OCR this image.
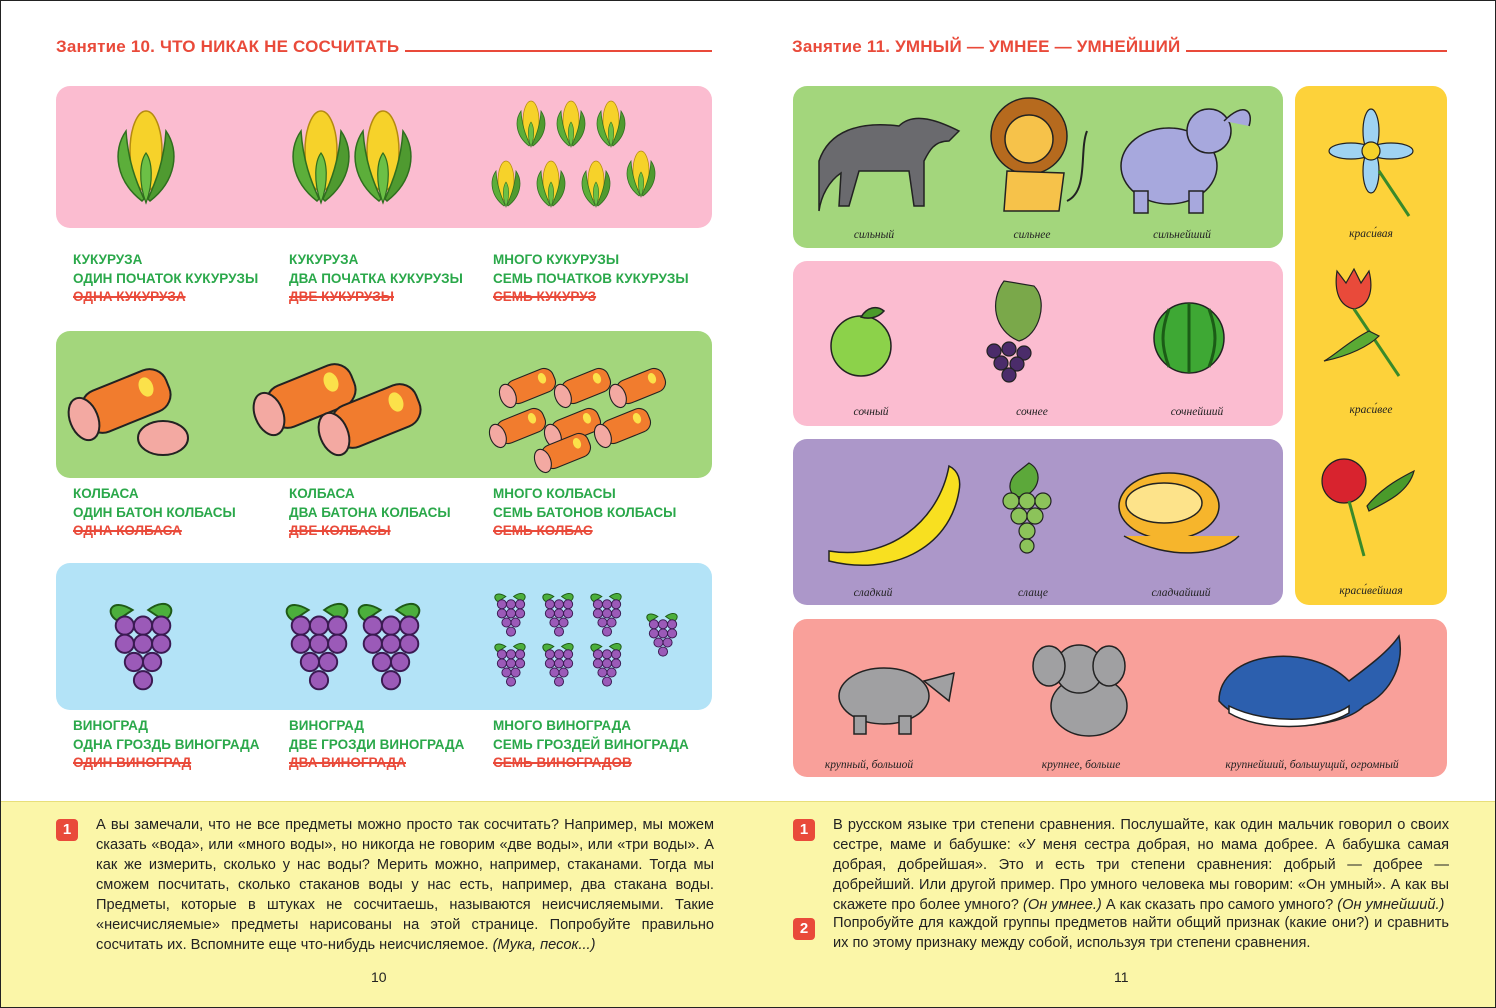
Занятие 10. ЧТО НИКАК НЕ СОСЧИТАТЬ
КУКУРУЗА
ОДИН ПОЧАТОК КУКУРУЗЫ
ОДНА КУКУРУЗА
КУКУРУЗА
ДВА ПОЧАТКА КУКУРУЗЫ
ДВЕ КУКУРУЗЫ
МНОГО КУКУРУЗЫ
СЕМЬ ПОЧАТКОВ КУКУРУЗЫ
СЕМЬ КУКУРУЗ
КОЛБАСА
ОДИН БАТОН КОЛБАСЫ
ОДНА КОЛБАСА
КОЛБАСА
ДВА БАТОНА КОЛБАСЫ
ДВЕ КОЛБАСЫ
МНОГО КОЛБАСЫ
СЕМЬ БАТОНОВ КОЛБАСЫ
СЕМЬ КОЛБАС
ВИНОГРАД
ОДНА ГРОЗДЬ ВИНОГРАДА
ОДИН ВИНОГРАД
ВИНОГРАД
ДВЕ ГРОЗДИ ВИНОГРАДА
ДВА ВИНОГРАДА
МНОГО ВИНОГРАДА
СЕМЬ ГРОЗДЕЙ ВИНОГРАДА
СЕМЬ ВИНОГРАДОВ
1	А вы замечали, что не все предметы можно просто так сосчитать? Например, мы можем сказать «вода», или «много воды», но никогда не говорим «две воды», или «три воды». А как же измерить, сколько у нас воды? Мерить можно, например, стаканами. Тогда мы сможем посчитать, сколько стаканов воды у нас есть, например, два стакана воды. Предметы, которые в штуках не сосчитаешь, называются неисчисляемыми. Такие «неисчисляемые» предметы нарисованы на этой странице. Попробуйте правильно сосчитать их. Вспомните еще что-нибудь неисчисляемое. (Мука, песок...)
10
Занятие 11. УМНЫЙ — УМНЕЕ — УМНЕЙШИЙ
сильный	сильнее	сильнейший
сочный	сочнее	сочнейший
сладкий	слаще	сладчайший
крупный, большой	крупнее, больше	крупнейший, большущий, огромный
краси́вая
краси́вее
краси́вейшая
1	В русском языке три степени сравнения. Послушайте, как один мальчик говорил о своих сестре, маме и бабушке: «У меня сестра добрая, но мама добрее. А бабушка самая добрая, добрейшая». Это и есть три степени сравнения: добрый — добрее — добрейший. Или другой пример. Про умного человека мы говорим: «Он умный». А как вы скажете про более умного? (Он умнее.) А как сказать про самого умного? (Он умнейший.)
2	Попробуйте для каждой группы предметов найти общий признак (какие они?) и сравнить их по этому признаку между собой, используя три степени сравнения.
11
